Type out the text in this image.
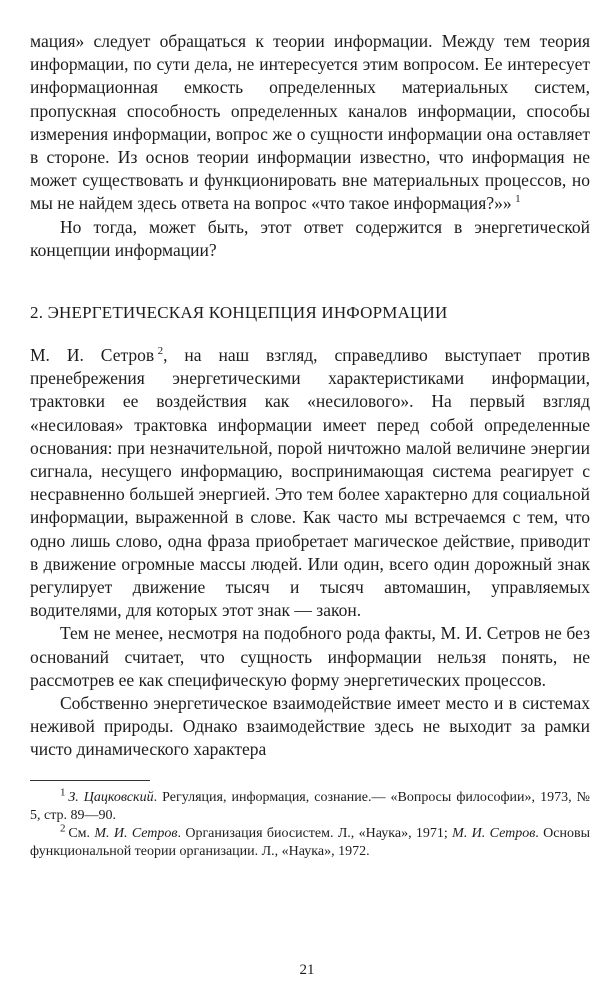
мация» следует обращаться к теории информации. Между тем теория информации, по сути дела, не интересуется этим вопросом. Ее интересует информационная емкость определенных материальных систем, пропускная способность определенных каналов информации, способы измерения информации, вопрос же о сущности информации она оставляет в стороне. Из основ теории информации известно, что информация не может существовать и функционировать вне материальных процессов, но мы не найдем здесь ответа на вопрос «что такое информация?»»  $^1$

Но тогда, может быть, этот ответ содержится в энергетической концепции информации?

2. ЭНЕРГЕТИЧЕСКАЯ КОНЦЕПЦИЯ ИНФОРМАЦИИ

М. И. Сетров  $^2$, на наш взгляд, справедливо выступает против пренебрежения энергетическими характеристиками информации, трактовки ее воздействия как «несилового». На первый взгляд «несиловая» трактовка информации имеет перед собой определенные основания: при незначительной, порой ничтожно малой величине энергии сигнала, несущего информацию, воспринимающая система реагирует с несравненно большей энергией. Это тем более характерно для социальной информации, выраженной в слове. Как часто мы встречаемся с тем, что одно лишь слово, одна фраза приобретает магическое действие, приводит в движение огромные массы людей. Или один, всего один дорожный знак регулирует движение тысяч и тысяч автомашин, управляемых водителями, для которых этот знак — закон.

Тем не менее, несмотря на подобного рода факты, М. И. Сетров не без оснований считает, что сущность информации нельзя понять, не рассмотрев ее как специфическую форму энергетических процессов.

Собственно энергетическое взаимодействие имеет место и в системах неживой природы. Однако взаимодействие здесь не выходит за рамки чисто динамического характера

$^1$  З. Цацковский. Регуляция, информация, сознание.— «Вопросы философии», 1973, № 5, стр. 89—90.

$^2$  См. М. И. Сетров. Организация биосистем. Л., «Наука», 1971; М. И. Сетров. Основы функциональной теории организации. Л., «Наука», 1972.

21
